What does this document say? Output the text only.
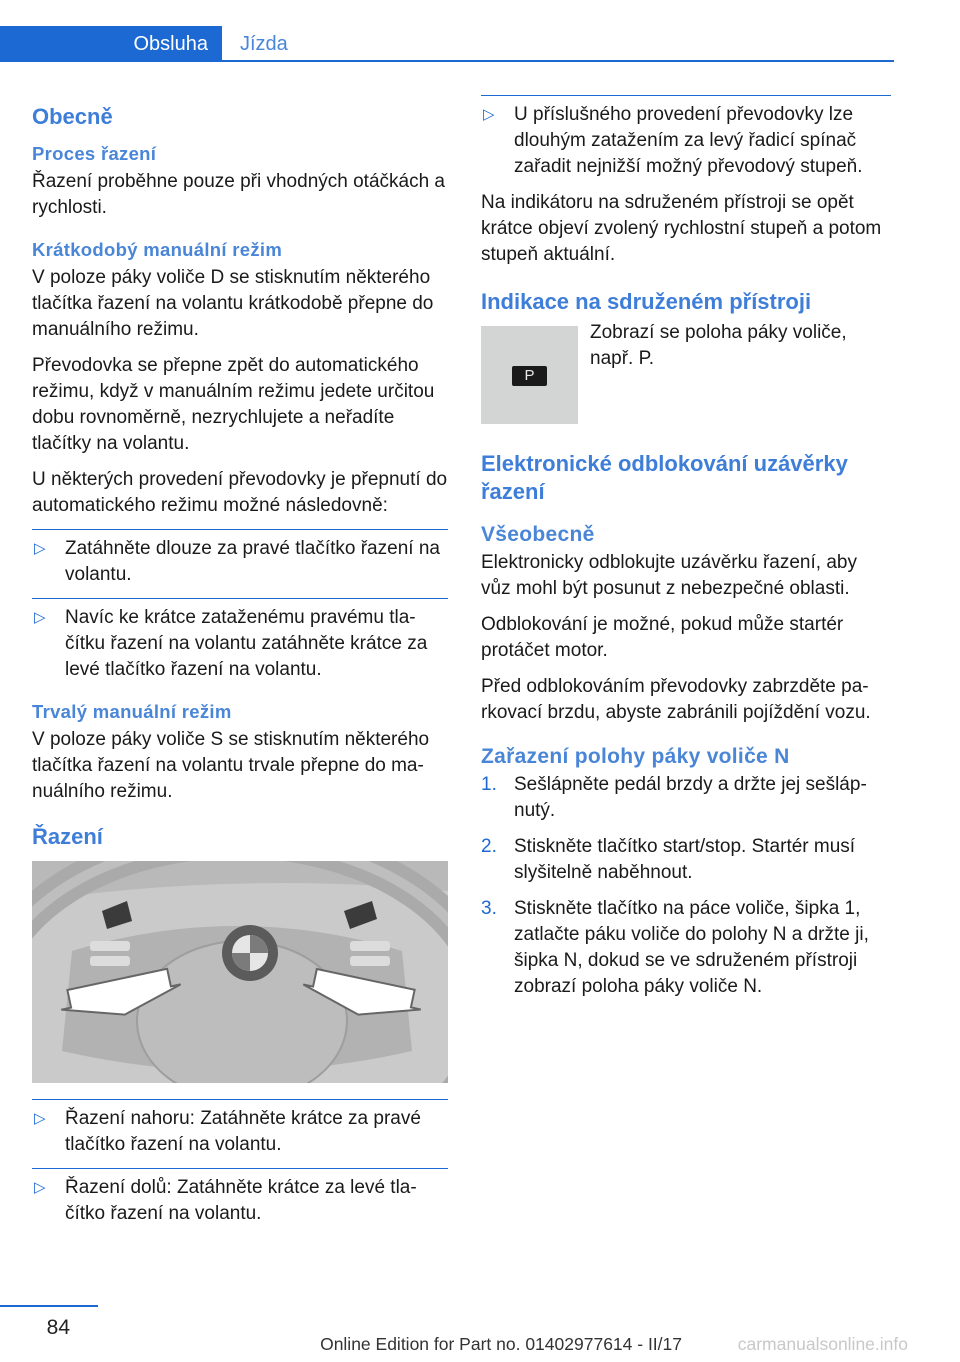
Obsluha	Jízda
Obecně
Proces řazení

Řazení proběhne pouze při vhodných otáčkách a rychlosti.

Krátkodobý manuální režim

V poloze páky voliče D se stisknutím některého tlačítka řazení na volantu krátkodobě přepne do manuálního režimu.

Převodovka se přepne zpět do automatického režimu, když v manuálním režimu jedete určitou dobu rovnoměrně, nezrychlujete a neřadíte tlačítky na volantu.

U některých provedení převodovky je přepnutí do automatického režimu možné následovně:

▷ Zatáhněte dlouze za pravé tlačítko řazení na volantu.
▷ Navíc ke krátce zataženému pravému tlačítku řazení na volantu zatáhněte krátce za levé tlačítko řazení na volantu.
Trvalý manuální režim

V poloze páky voliče S se stisknutím některého tlačítka řazení na volantu trvale přepne do manuálního režimu.

Řazení
▷ Řazení nahoru: Zatáhněte krátce za pravé tlačítko řazení na volantu.
▷ Řazení dolů: Zatáhněte krátce za levé tlačítko řazení na volantu.
▷ U příslušného provedení převodovky lze dlouhým zatažením za levý řadicí spínač zařadit nejnižší možný převodový stupeň.

Na indikátoru na sdruženém přístroji se opět krátce objeví zvolený rychlostní stupeň a potom stupeň aktuální.

Indikace na sdruženém přístroji
P
Zobrazí se poloha páky voliče, např. P.
Elektronické odblokování uzávěrky řazení
Všeobecně

Elektronicky odblokujte uzávěrku řazení, aby vůz mohl být posunut z nebezpečné oblasti.

Odblokování je možné, pokud může startér protáčet motor.

Před odblokováním převodovky zabrzděte parkovací brzdu, abyste zabránili pojíždění vozu.

Zařazení polohy páky voliče N
1. Sešlápněte pedál brzdy a držte jej sešlápnutý.
2. Stiskněte tlačítko start/stop. Startér musí slyšitelně naběhnout.
3. Stiskněte tlačítko na páce voliče, šipka 1, zatlačte páku voliče do polohy N a držte ji, šipka N, dokud se ve sdruženém přístroji zobrazí poloha páky voliče N.
84
Online Edition for Part no. 01402977614 - II/17	carmanualsonline.info
